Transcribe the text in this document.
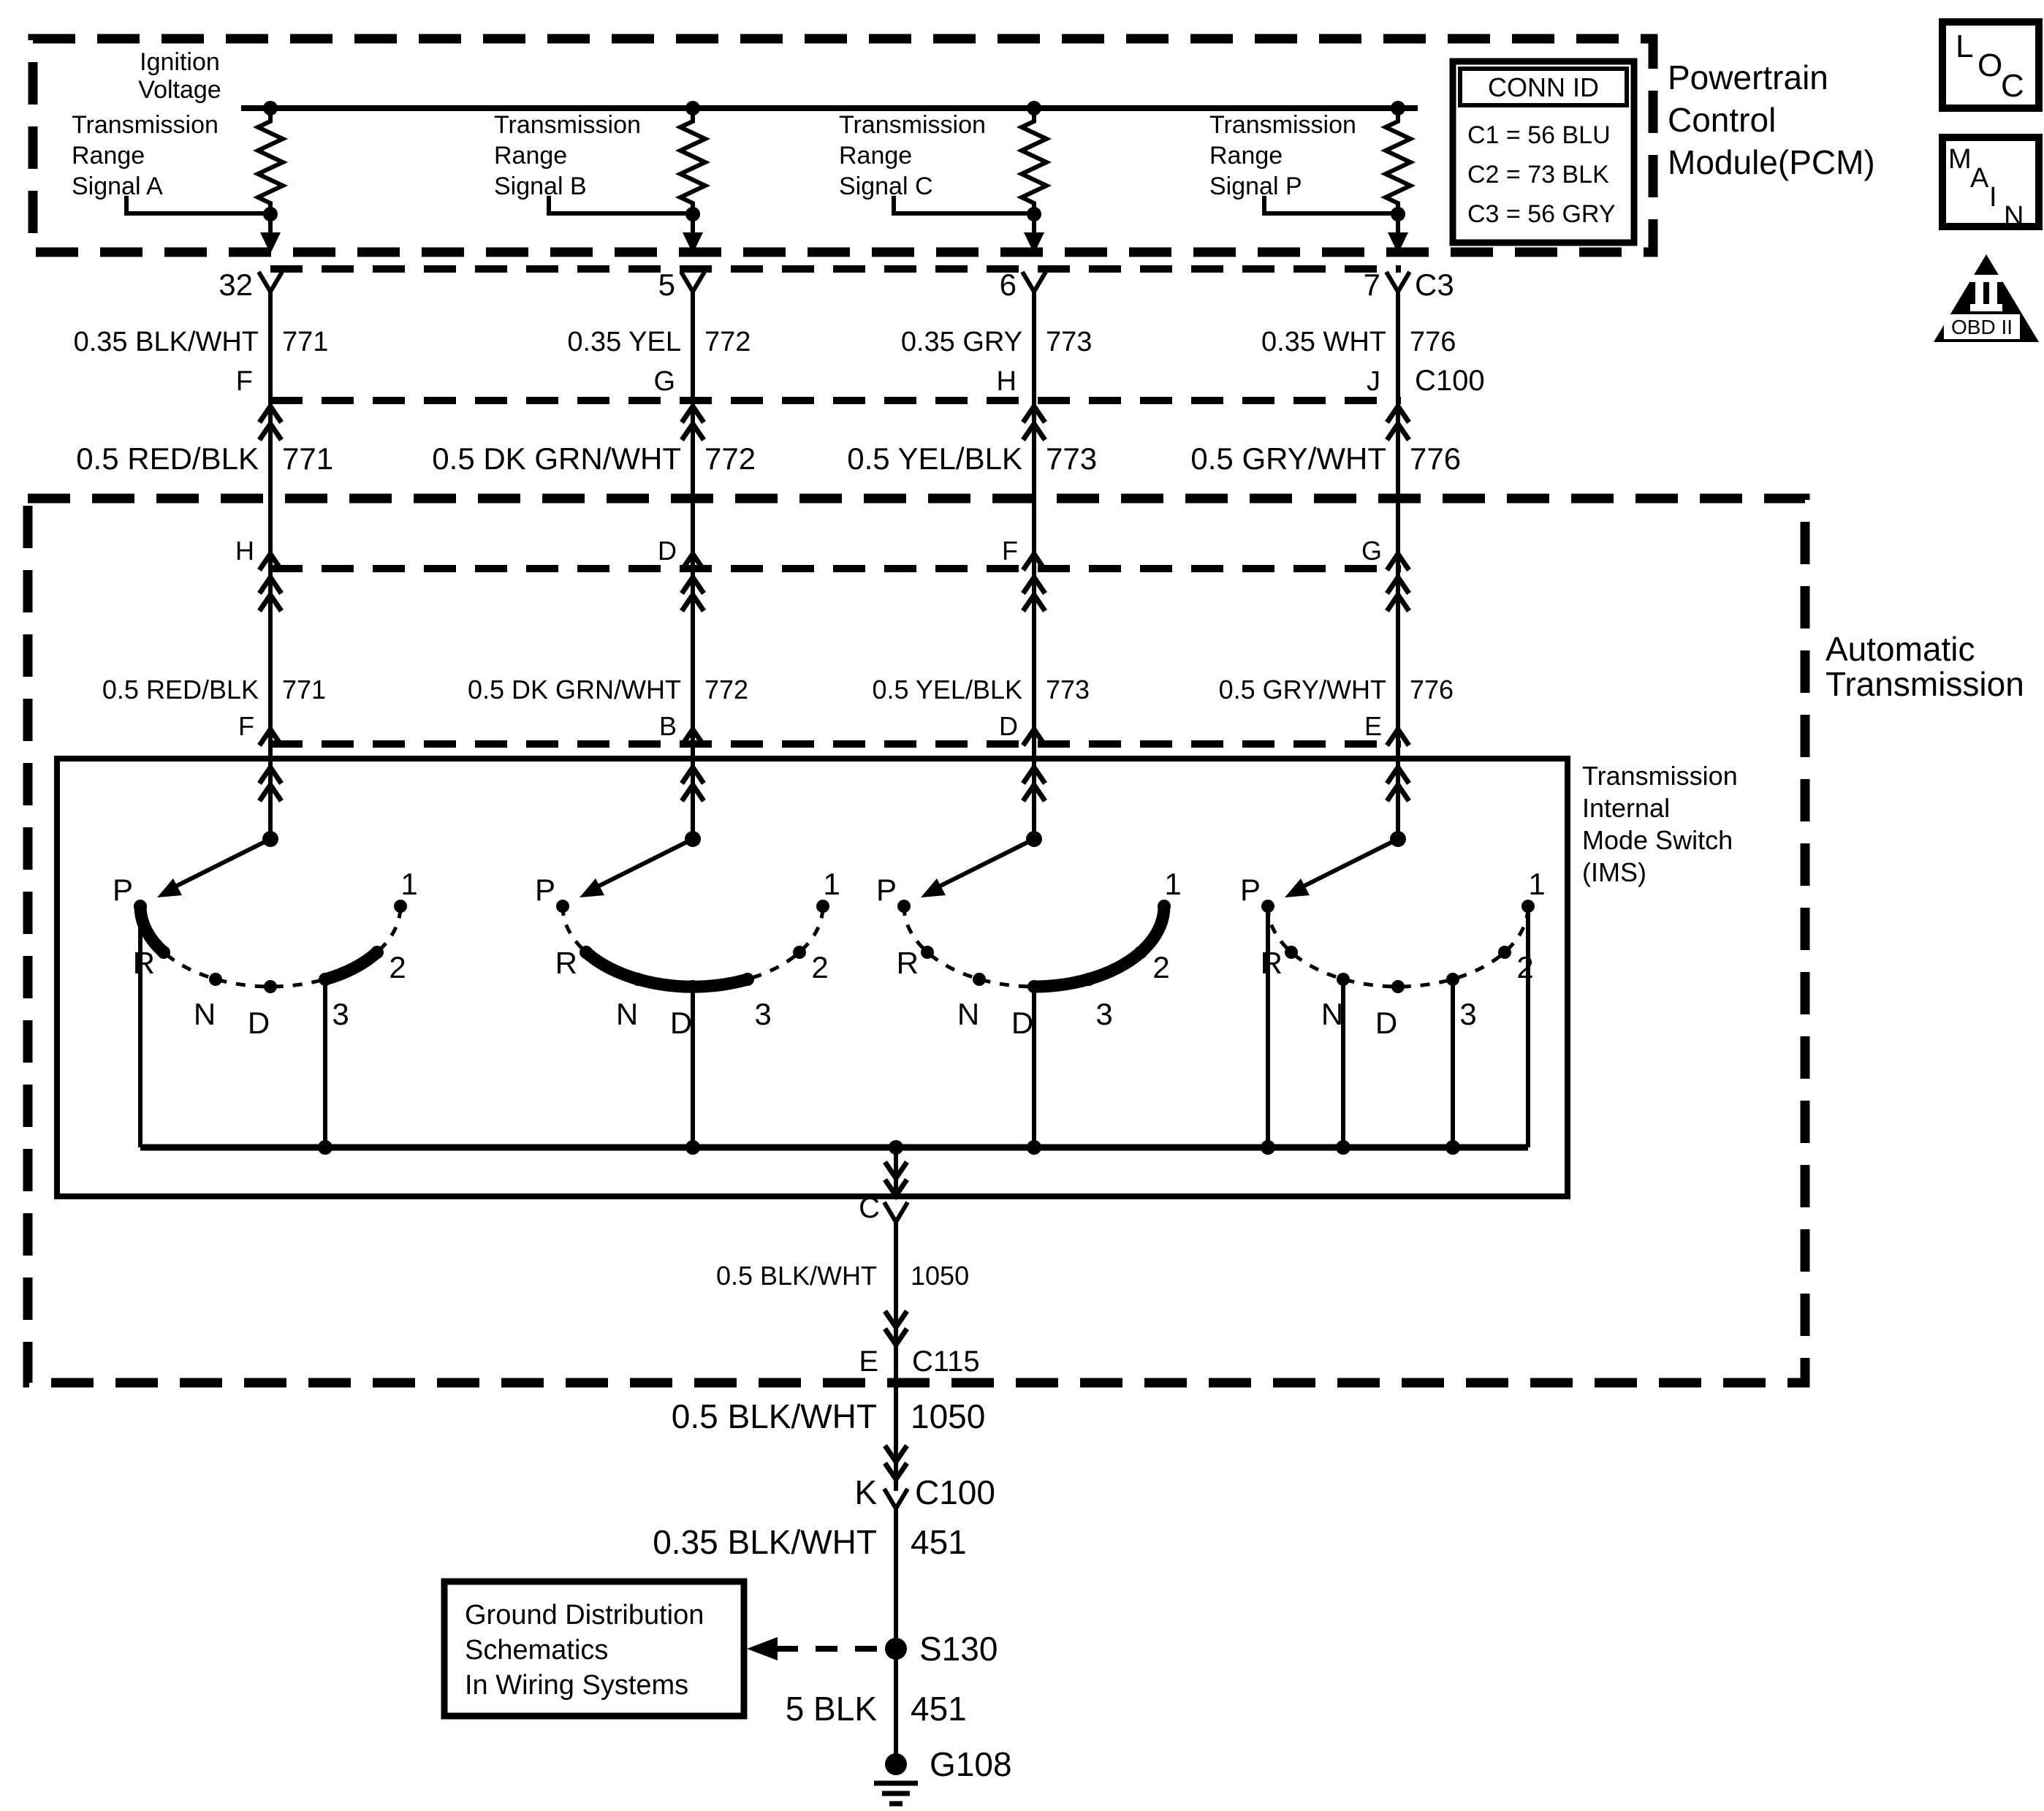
Ignition
Voltage
Transmission
Range
Signal A
Transmission
Range
Signal B
Transmission
Range
Signal C
Transmission
Range
Signal P
CONN ID
C1 = 56 BLU
C2 = 73 BLK
C3 = 56 GRY
Powertrain
Control
Module(PCM)
L
O
C
M
A
I
N
OBD II
32	5	6	7 C3
0.35 BLK/WHT 771	0.35 YEL 772	0.35 GRY 773	0.35 WHT 776
F	G	H	J C100
0.5 RED/BLK 771	0.5 DK GRN/WHT 772	0.5 YEL/BLK 773	0.5 GRY/WHT 776
Automatic
Transmission
H	D	F	G
0.5 RED/BLK 771	0.5 DK GRN/WHT 772	0.5 YEL/BLK 773	0.5 GRY/WHT 776
F	B	D	E
Transmission
Internal
Mode Switch
(IMS)
P
R
N D 3
2
1	P
R
N D 3
2
1 P
R
N D 3
2
1 P
R
N D 3
2
1
C
0.5 BLK/WHT 1050
E C115
0.5 BLK/WHT 1050
K C100
0.35 BLK/WHT 451
S130
5 BLK 451
G108
Ground Distribution
Schematics
In Wiring Systems
